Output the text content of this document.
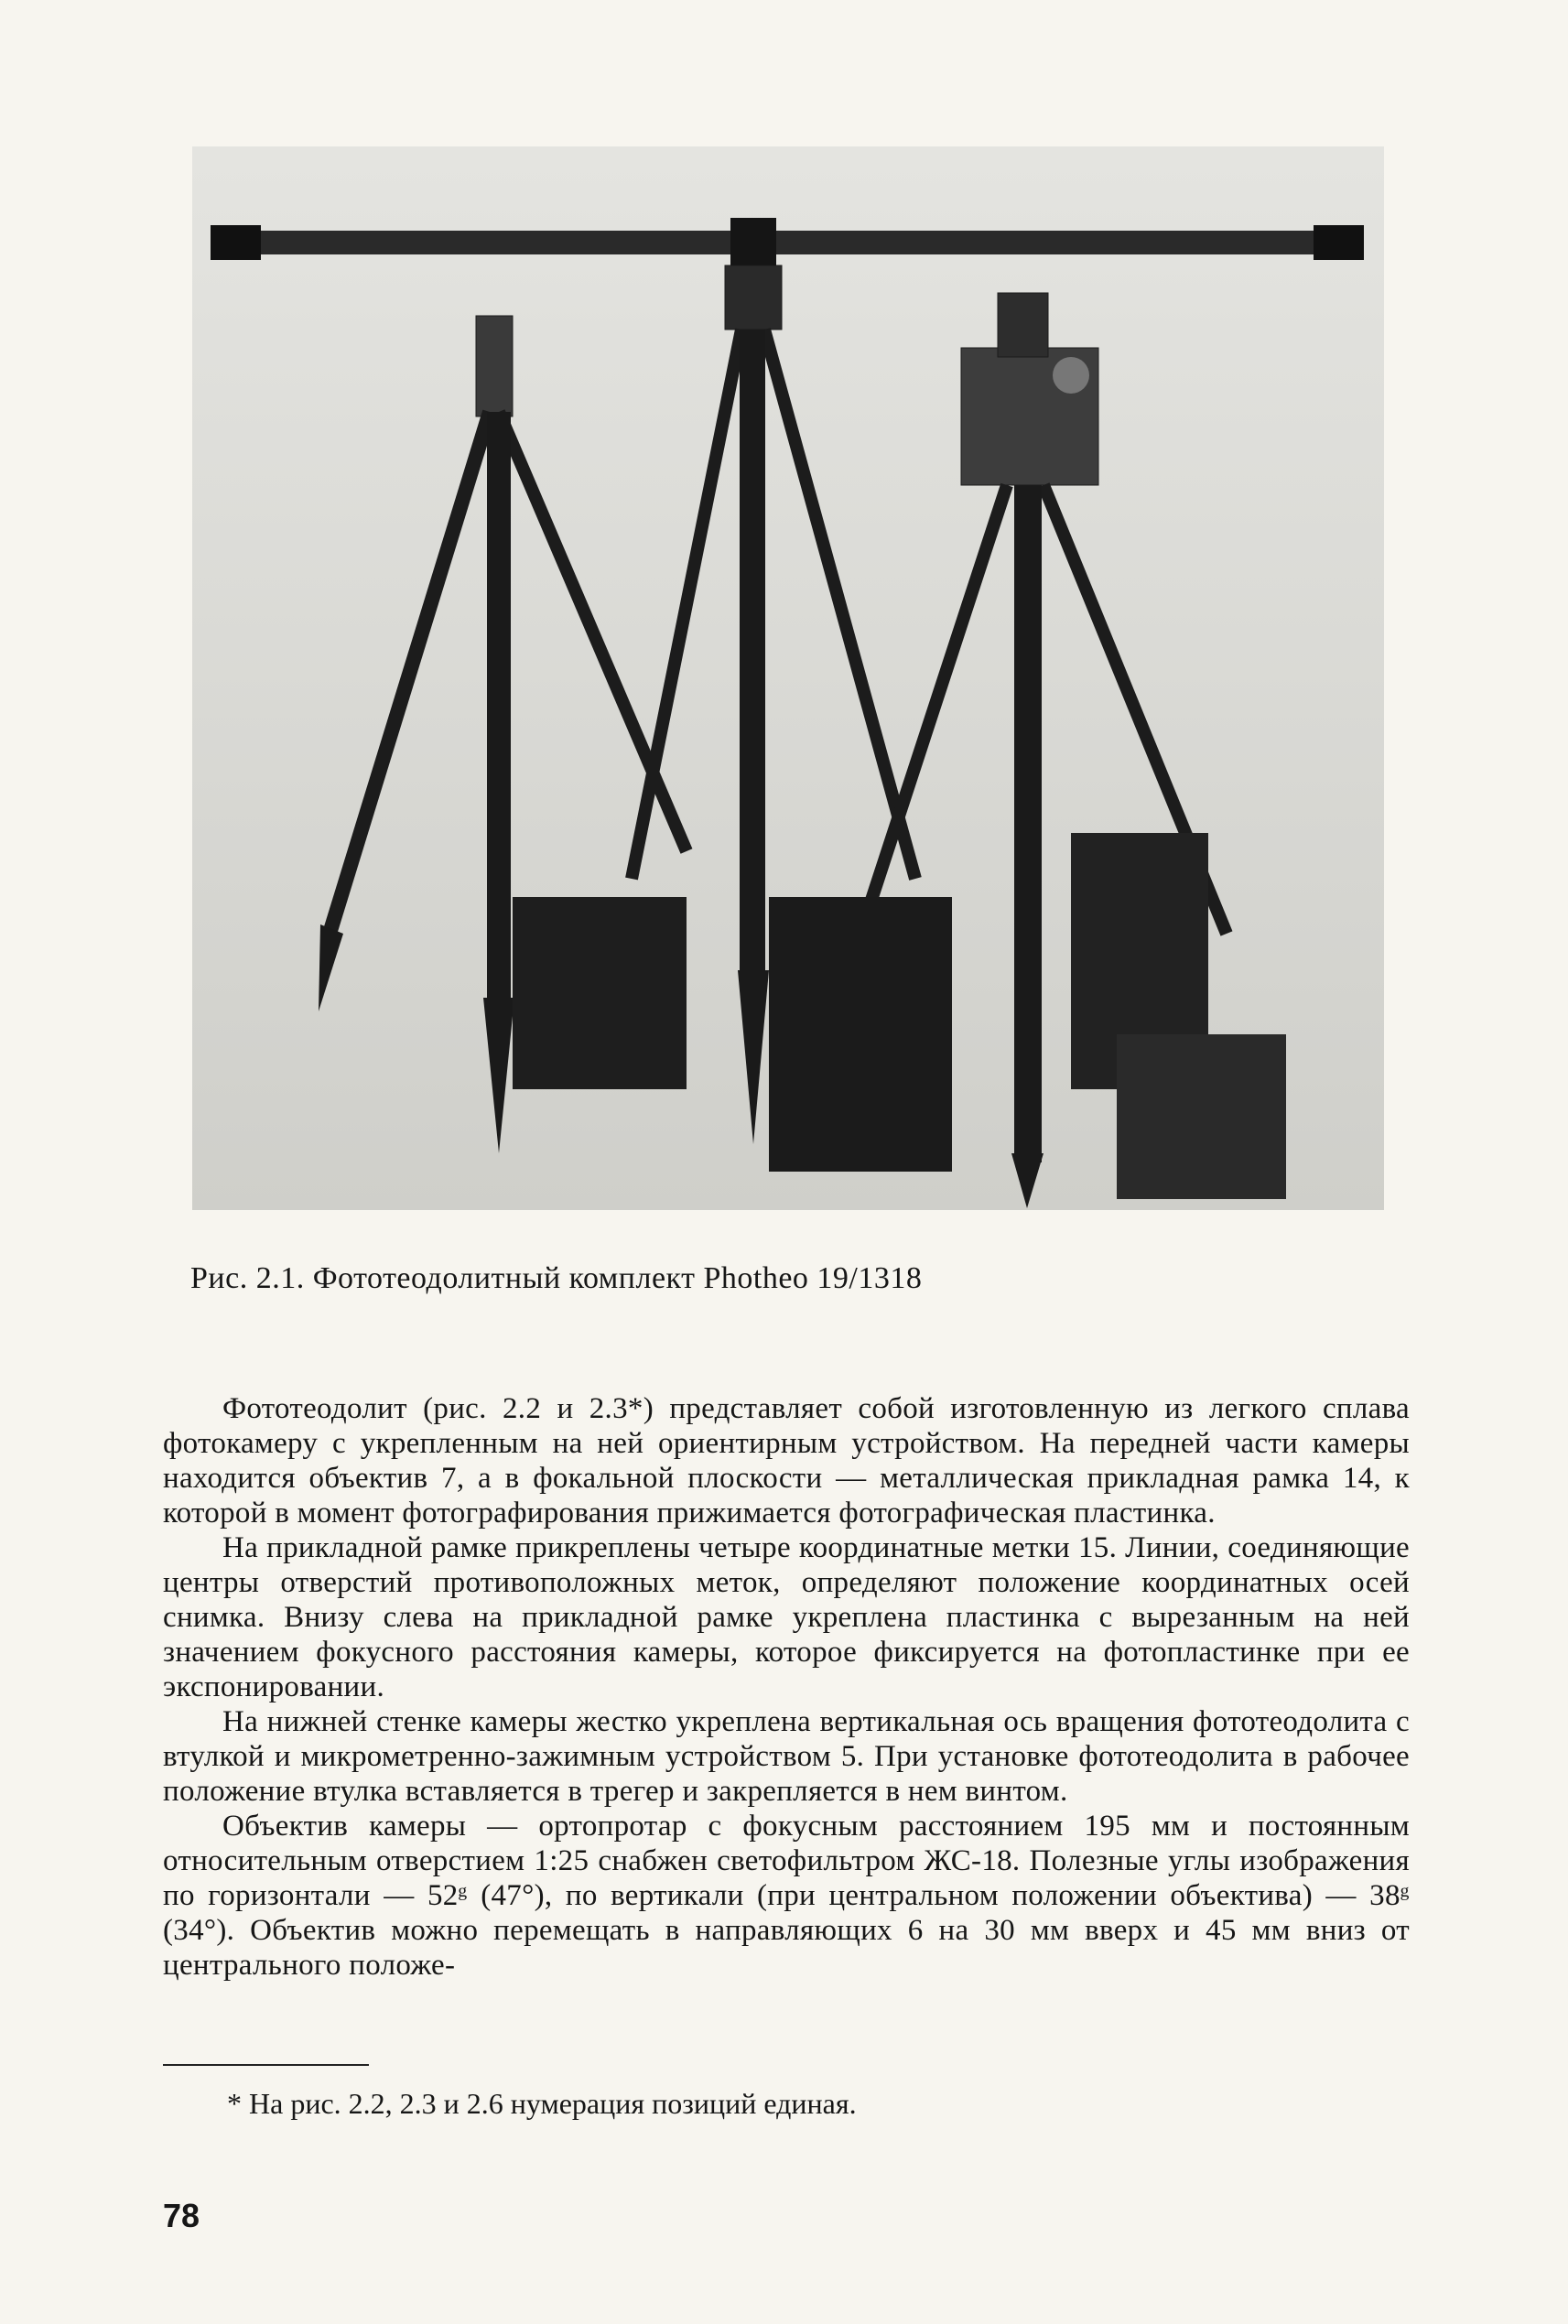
Рис. 2.1. Фототеодолитный комплект Photheo 19/1318

Фототеодолит (рис. 2.2 и 2.3*) представляет собой изготовленную из легкого сплава фотокамеру с укрепленным на ней ориентирным устройством. На передней части камеры находится объектив 7, а в фокальной плоскости — металлическая прикладная рамка 14, к которой в момент фотографирования прижимается фотографическая пластинка.

На прикладной рамке прикреплены четыре координатные метки 15. Линии, соединяющие центры отверстий противоположных меток, определяют положение координатных осей снимка. Внизу слева на прикладной рамке укреплена пластинка с вырезанным на ней значением фокусного расстояния камеры, которое фиксируется на фотопластинке при ее экспонировании.

На нижней стенке камеры жестко укреплена вертикальная ось вращения фототеодолита с втулкой и микрометренно-зажимным устройством 5. При установке фототеодолита в рабочее положение втулка вставляется в трегер и закрепляется в нем винтом.

Объектив камеры — ортопротар с фокусным расстоянием 195 мм и постоянным относительным отверстием 1:25 снабжен светофильтром ЖС-18. Полезные углы изображения по горизонтали — 52ᵍ (47°), по вертикали (при центральном положении объектива) — 38ᵍ (34°). Объектив можно перемещать в направляющих 6 на 30 мм вверх и 45 мм вниз от центрального положе-

* На рис. 2.2, 2.3 и 2.6 нумерация позиций единая.
78
